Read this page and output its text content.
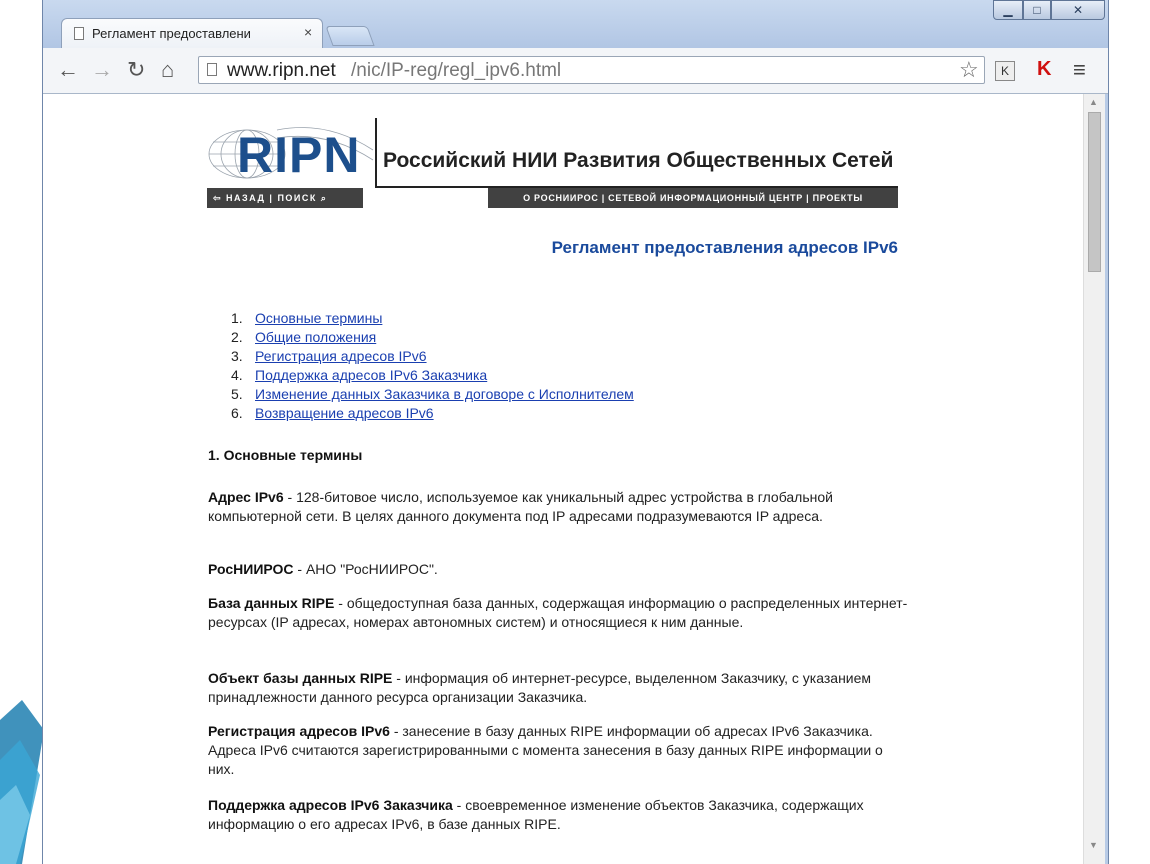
Регламент предоставлени	×
▁	□	✕
← → ↻ ⌂	www.ripn.net /nic/IP-reg/regl_ipv6.html	☆	K	K ≡
RIPN Российский НИИ Развития Общественных Сетей
⇦ НАЗАД | ПОИСК ⌕	О РОСНИИРОС | СЕТЕВОЙ ИНФОРМАЦИОННЫЙ ЦЕНТР | ПРОЕКТЫ
Регламент предоставления адресов IPv6
1. Основные термины
2. Общие положения
3. Регистрация адресов IPv6
4. Поддержка адресов IPv6 Заказчика
5. Изменение данных Заказчика в договоре с Исполнителем
6. Возвращение адресов IPv6
1. Основные термины
Адрес IPv6 - 128-битовое число, используемое как уникальный адрес устройства в глобальной компьютерной сети. В целях данного документа под IP адресами подразумеваются IP адреса.
РосНИИРОС - АНО "РосНИИРОС".
База данных RIPE - общедоступная база данных, содержащая информацию о распределенных интернет-ресурсах (IP адресах, номерах автономных систем) и относящиеся к ним данные.
Объект базы данных RIPE - информация об интернет-ресурсе, выделенном Заказчику, с указанием принадлежности данного ресурса организации Заказчика.
Регистрация адресов IPv6 - занесение в базу данных RIPE информации об адресах IPv6 Заказчика. Адреса IPv6 считаются зарегистрированными с момента занесения в базу данных RIPE информации о них.
Поддержка адресов IPv6 Заказчика - своевременное изменение объектов Заказчика, содержащих информацию о его адресах IPv6, в базе данных RIPE.
▲
▼
